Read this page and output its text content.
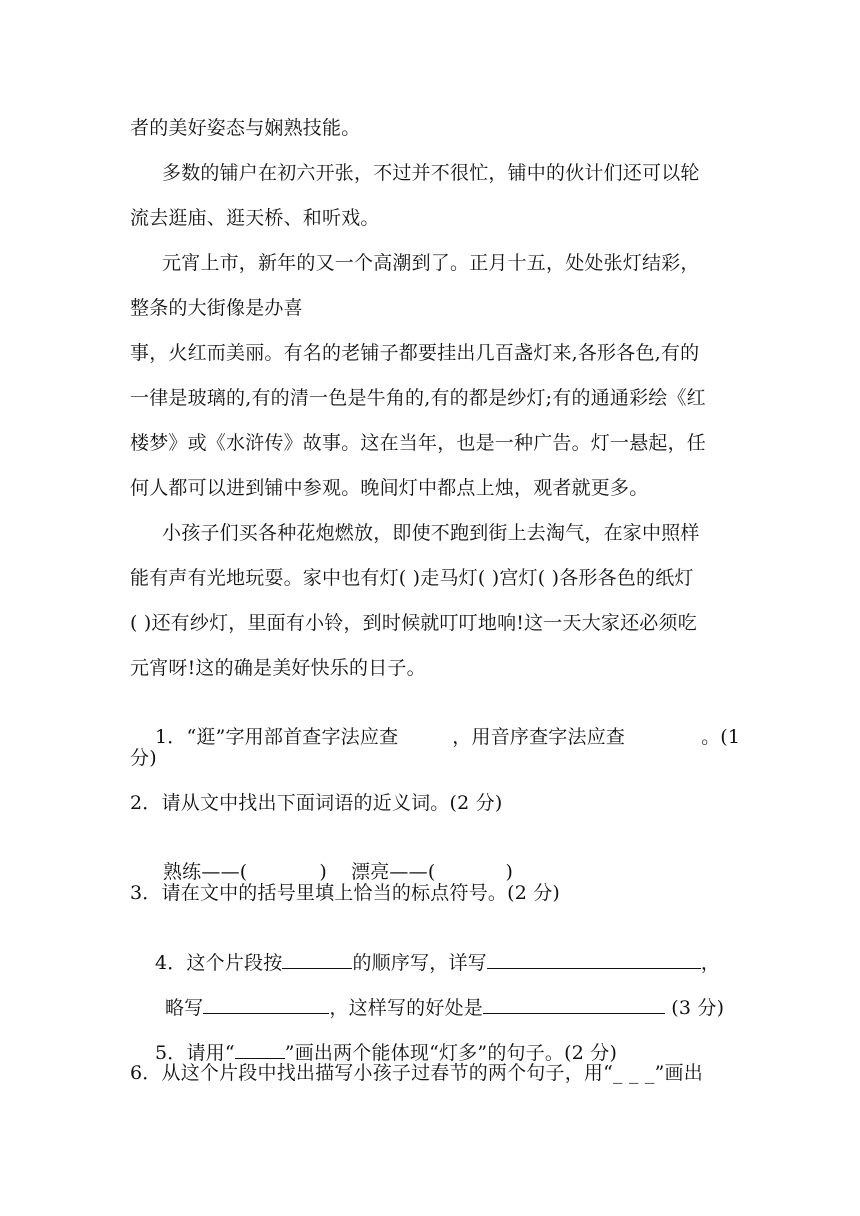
者的美好姿态与娴熟技能。
多数的铺户在初六开张，不过并不很忙，铺中的伙计们还可以轮
流去逛庙、逛天桥、和听戏。
元宵上市，新年的又一个高潮到了。正月十五，处处张灯结彩，
整条的大街像是办喜
事，火红而美丽。有名的老铺子都要挂出几百盏灯来,各形各色,有的
一律是玻璃的,有的清一色是牛角的,有的都是纱灯;有的通通彩绘《红
楼梦》或《水浒传》故事。这在当年，也是一种广告。灯一悬起，任
何人都可以进到铺中参观。晚间灯中都点上烛，观者就更多。
小孩子们买各种花炮燃放，即使不跑到街上去淘气，在家中照样
能有声有光地玩耍。家中也有灯( )走马灯( )宫灯( )各形各色的纸灯
( )还有纱灯，里面有小铃，到时候就叮叮地响!这一天大家还必须吃
元宵呀!这的确是美好快乐的日子。

1．“逛”字用部首查字法应查	，用音序查字法应查	。(1

分)
2．请从文中找出下面词语的近义词。(2 分)

熟练——(	) 漂亮——(	)

3．请在文中的括号里填上恰当的标点符号。(2 分)

4．这个片段按	的顺序写，详写	，

略写	，这样写的好处是	(3 分)

5．请用“	”画出两个能体现“灯多”的句子。(2 分)

6．从这个片段中找出描写小孩子过春节的两个句子，用“_ _ _”画出
